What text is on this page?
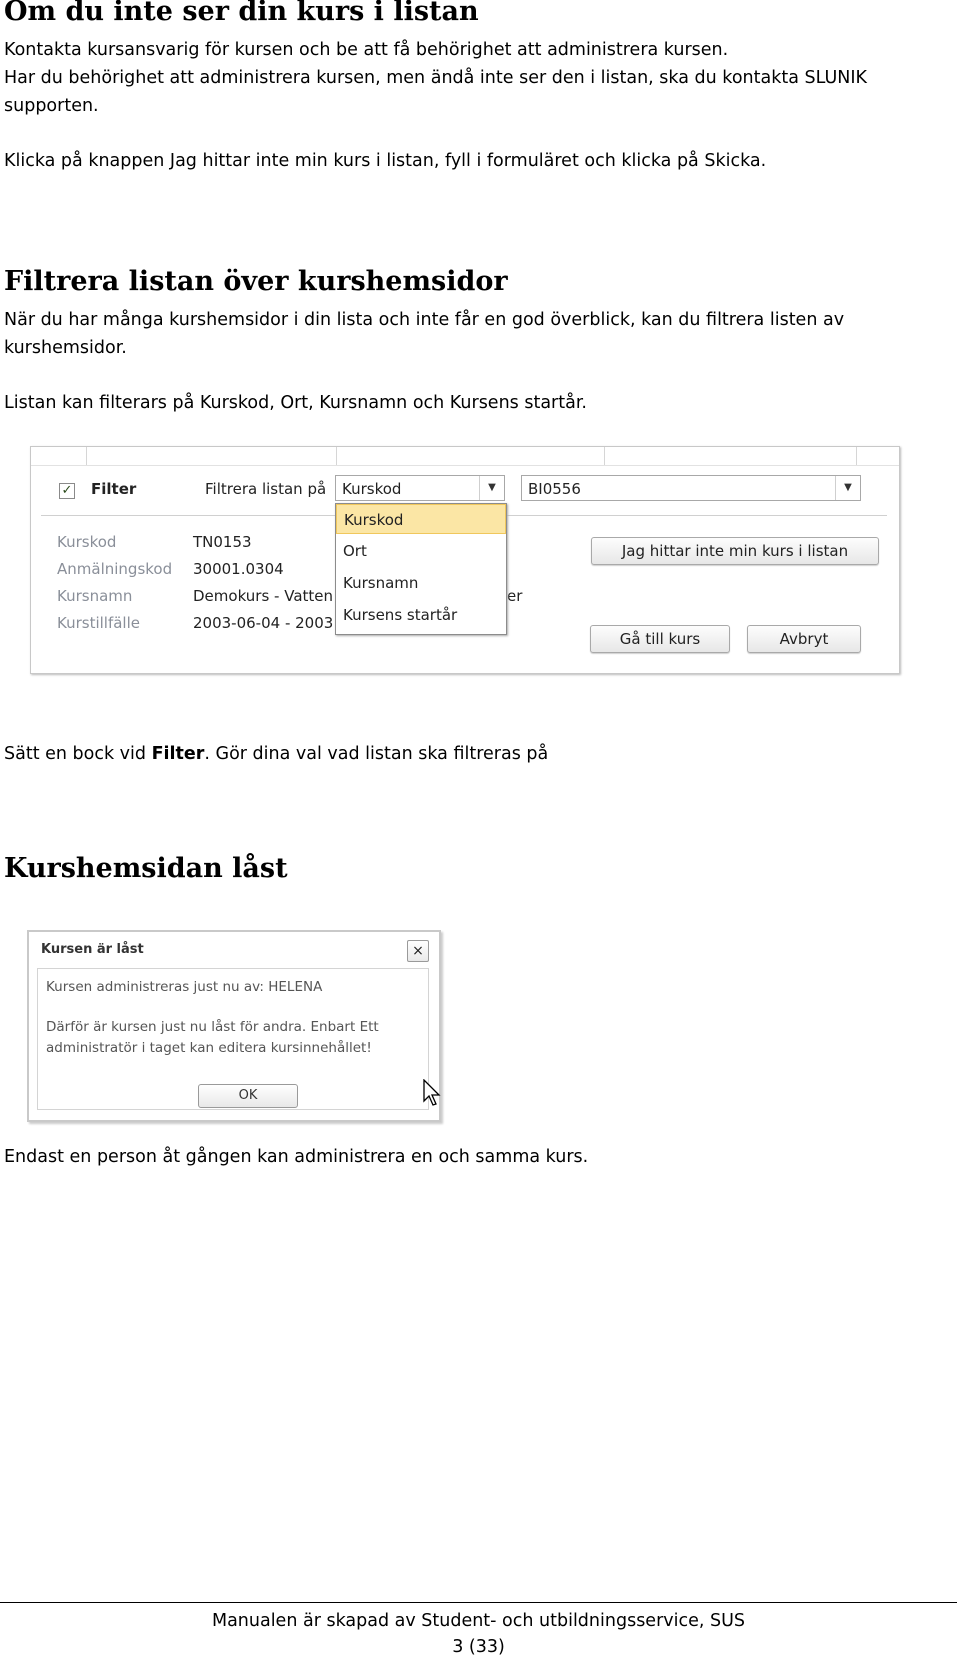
Om du inte ser din kurs i listan

Kontakta kursansvarig för kursen och be att få behörighet att administrera kursen.

Har du behörighet att administrera kursen, men ändå inte ser den i listan, ska du kontakta SLUNIK supporten.

Klicka på knappen Jag hittar inte min kurs i listan, fyll i formuläret och klicka på Skicka.

Filtrera listan över kurshemsidor

När du har många kurshemsidor i din lista och inte får en god överblick, kan du filtrera listen av kurshemsidor.

Listan kan filterars på Kurskod, Ort, Kursnamn och Kursens startår.

✓ Filter	Filtrera listan på Kurskod	▼	BI0556	▼
Kurskod	TN0153
Anmälningskod 30001.0304
Kursnamn	Demokurs - Vatten	er
Kurstillfälle	2003-06-04 - 2003
Kurskod
Ort
Kursnamn
Kursens startår
Jag hittar inte min kurs i listan
Gå till kurs	Avbryt

Sätt en bock vid Filter. Gör dina val vad listan ska filtreras på

Kurshemsidan låst
Kursen är låst	×
Kursen administreras just nu av: HELENA
Därför är kursen just nu låst för andra. Enbart Ett administratör i taget kan editera kursinnehållet!
OK

Endast en person åt gången kan administrera en och samma kurs.

Manualen är skapad av Student- och utbildningsservice, SUS
3 (33)
